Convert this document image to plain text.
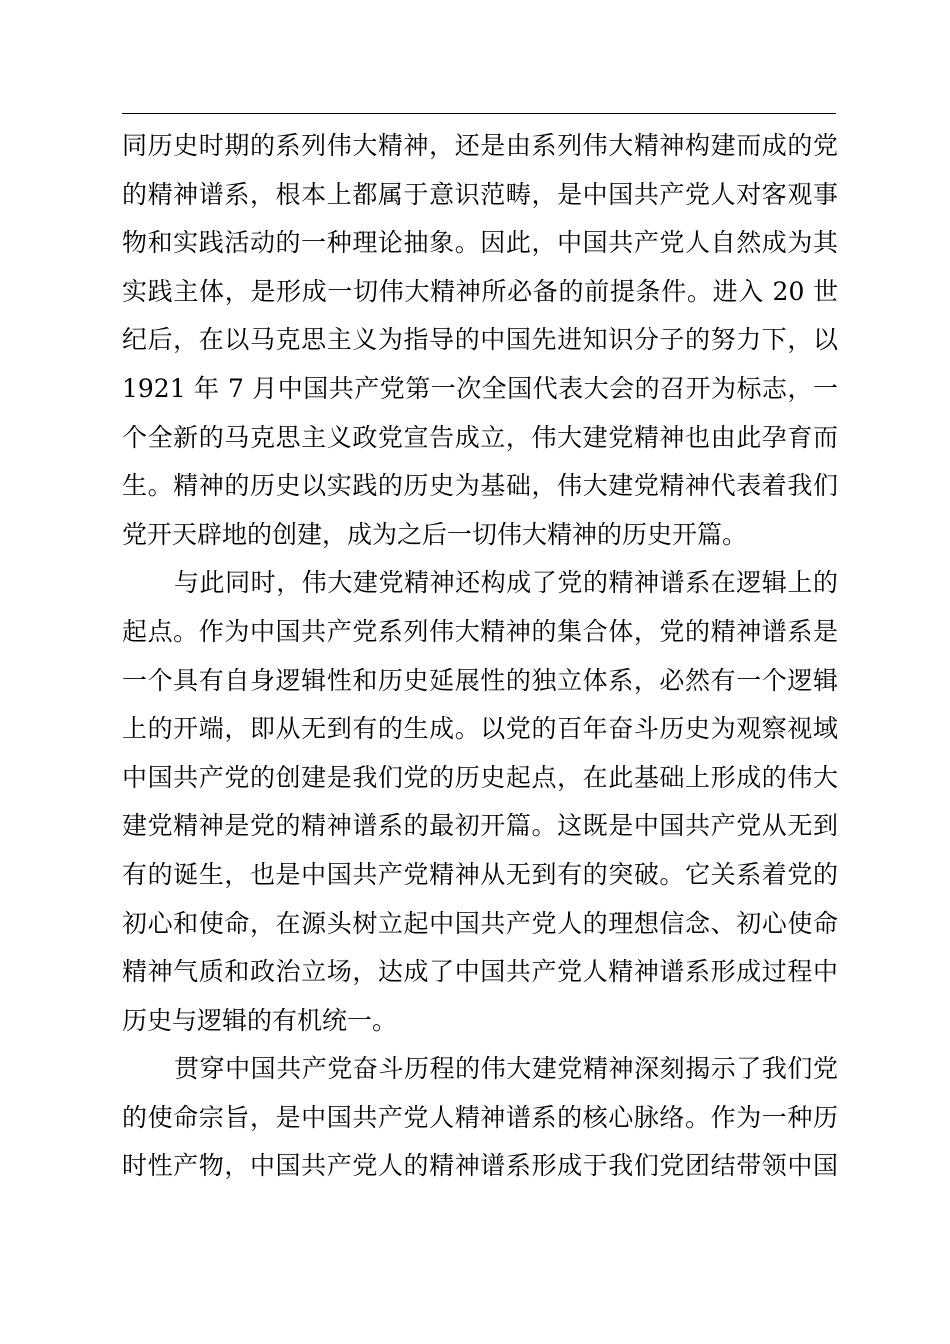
同历史时期的系列伟大精神，还是由系列伟大精神构建而成的党
的精神谱系，根本上都属于意识范畴，是中国共产党人对客观事
物和实践活动的一种理论抽象。因此，中国共产党人自然成为其
实践主体，是形成一切伟大精神所必备的前提条件。进入 20 世
纪后，在以马克思主义为指导的中国先进知识分子的努力下，以
1921 年 7 月中国共产党第一次全国代表大会的召开为标志，一
个全新的马克思主义政党宣告成立，伟大建党精神也由此孕育而
生。精神的历史以实践的历史为基础，伟大建党精神代表着我们
党开天辟地的创建，成为之后一切伟大精神的历史开篇。
与此同时，伟大建党精神还构成了党的精神谱系在逻辑上的
起点。作为中国共产党系列伟大精神的集合体，党的精神谱系是
一个具有自身逻辑性和历史延展性的独立体系，必然有一个逻辑
上的开端，即从无到有的生成。以党的百年奋斗历史为观察视域
中国共产党的创建是我们党的历史起点，在此基础上形成的伟大
建党精神是党的精神谱系的最初开篇。这既是中国共产党从无到
有的诞生，也是中国共产党精神从无到有的突破。它关系着党的
初心和使命，在源头树立起中国共产党人的理想信念、初心使命
精神气质和政治立场，达成了中国共产党人精神谱系形成过程中
历史与逻辑的有机统一。
贯穿中国共产党奋斗历程的伟大建党精神深刻揭示了我们党
的使命宗旨，是中国共产党人精神谱系的核心脉络。作为一种历
时性产物，中国共产党人的精神谱系形成于我们党团结带领中国
